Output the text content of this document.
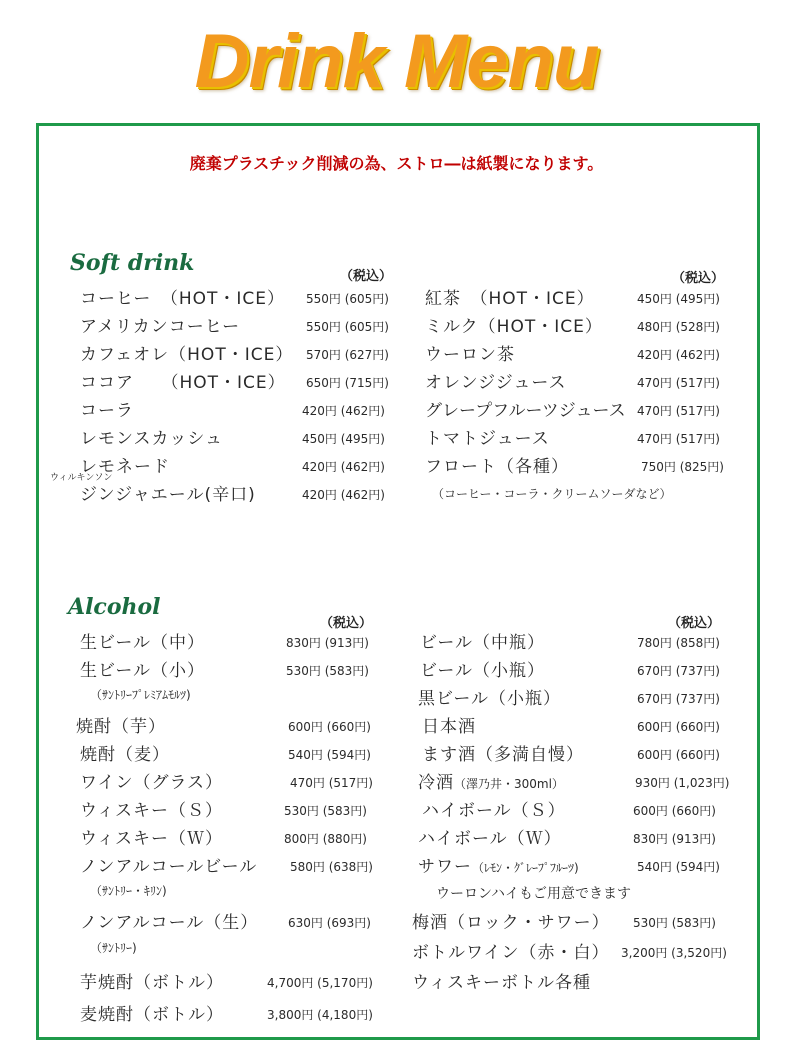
Drink Menu
廃棄プラスチック削減の為、ストロ―は紙製になります。
Soft drink
（税込）	（税込）
コーヒー　（HOT・ICE） 550円 (605円)
アメリカンコーヒー	550円 (605円)
カフェオレ（HOT・ICE） 570円 (627円)
ココア　　（HOT・ICE） 650円 (715円)
コーラ	420円 (462円)
レモンスカッシュ	450円 (495円)
レモネード	420円 (462円)
ウィルキンソン
ジンジャエール(辛口)	420円 (462円)
紅茶　（HOT・ICE）	450円 (495円)
ミルク（HOT・ICE）	480円 (528円)
ウーロン茶	420円 (462円)
オレンジジュース	470円 (517円)
グレープフルーツジュース 470円 (517円)
トマトジュース	470円 (517円)
フロート（各種）	750円 (825円)
（コーヒー・コーラ・クリームソーダなど）
Alcohol
（税込）	（税込）
生ビール（中）	830円 (913円)
生ビール（小）	530円 (583円)
（ｻﾝﾄﾘｰﾌﾟﾚﾐｱﾑﾓﾙﾂ)
焼酎（芋）	600円 (660円)
焼酎（麦）	540円 (594円)
ワイン（グラス）	470円 (517円)
ウィスキー（Ｓ）	530円 (583円)
ウィスキー（Ｗ）	800円 (880円)
ノンアルコールビール	580円 (638円)
（ｻﾝﾄﾘｰ・ｷﾘﾝ)
ノンアルコール（生） 630円 (693円)
（ｻﾝﾄﾘｰ)
芋焼酎（ボトル）	4,700円 (5,170円)
麦焼酎（ボトル）	3,800円 (4,180円)
ビール（中瓶）	780円 (858円)
ビール（小瓶）	670円 (737円)
黒ビール（小瓶）	670円 (737円)
日本酒	600円 (660円)
ます酒（多満自慢）	600円 (660円)
冷酒（澤乃井・300ml）	930円 (1,023円)
ハイボール（Ｓ）	600円 (660円)
ハイボール（Ｗ）	830円 (913円)
サワー（ﾚﾓﾝ・ｸﾞﾚｰﾌﾟﾌﾙｰﾂ)	540円 (594円)
ウーロンハイもご用意できます
梅酒（ロック・サワー） 530円 (583円)
ボトルワイン（赤・白） 3,200円 (3,520円)
ウィスキーボトル各種
